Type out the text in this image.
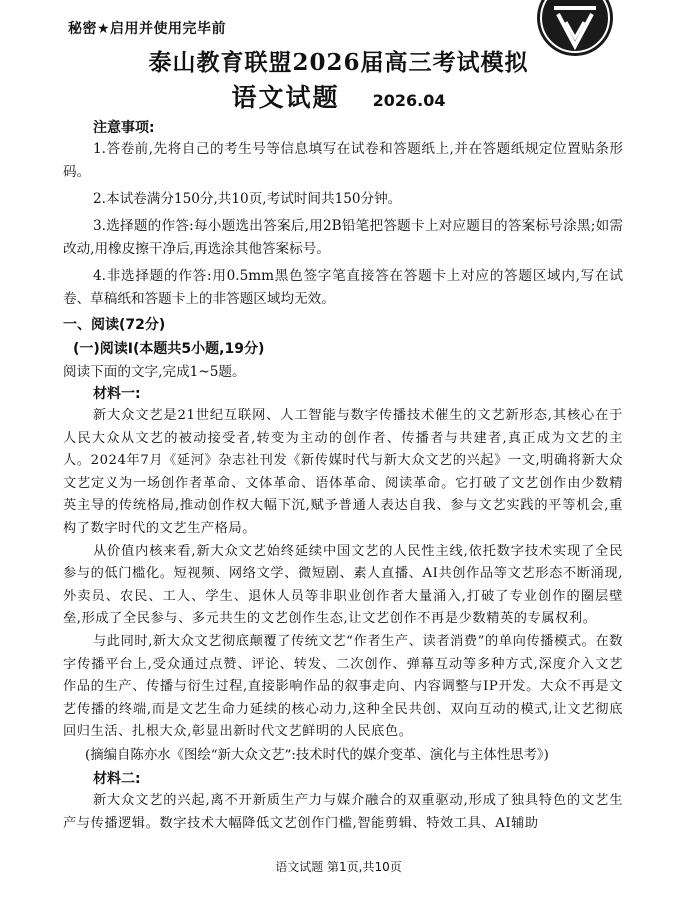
秘密★启用并使用完毕前
泰山教育联盟2026届高三考试模拟
语文试题 2026.04
注意事项:

1.答卷前,先将自己的考生号等信息填写在试卷和答题纸上,并在答题纸规定位置贴条形码。

2.本试卷满分150分,共10页,考试时间共150分钟。

3.选择题的作答:每小题选出答案后,用2B铅笔把答题卡上对应题目的答案标号涂黑;如需改动,用橡皮擦干净后,再选涂其他答案标号。

4.非选择题的作答:用0.5mm黑色签字笔直接答在答题卡上对应的答题区域内,写在试卷、草稿纸和答题卡上的非答题区域均无效。

一、阅读(72分)

(一)阅读Ⅰ(本题共5小题,19分)

阅读下面的文字,完成1~5题。

材料一:

新大众文艺是21世纪互联网、人工智能与数字传播技术催生的文艺新形态,其核心在于人民大众从文艺的被动接受者,转变为主动的创作者、传播者与共建者,真正成为文艺的主人。2024年7月《延河》杂志社刊发《新传媒时代与新大众文艺的兴起》一文,明确将新大众文艺定义为一场创作者革命、文体革命、语体革命、阅读革命。它打破了文艺创作由少数精英主导的传统格局,推动创作权大幅下沉,赋予普通人表达自我、参与文艺实践的平等机会,重构了数字时代的文艺生产格局。

从价值内核来看,新大众文艺始终延续中国文艺的人民性主线,依托数字技术实现了全民参与的低门槛化。短视频、网络文学、微短剧、素人直播、AI共创作品等文艺形态不断涌现,外卖员、农民、工人、学生、退休人员等非职业创作者大量涌入,打破了专业创作的圈层壁垒,形成了全民参与、多元共生的文艺创作生态,让文艺创作不再是少数精英的专属权利。

与此同时,新大众文艺彻底颠覆了传统文艺“作者生产、读者消费”的单向传播模式。在数字传播平台上,受众通过点赞、评论、转发、二次创作、弹幕互动等多种方式,深度介入文艺作品的生产、传播与衍生过程,直接影响作品的叙事走向、内容调整与IP开发。大众不再是文艺传播的终端,而是文艺生命力延续的核心动力,这种全民共创、双向互动的模式,让文艺彻底回归生活、扎根大众,彰显出新时代文艺鲜明的人民底色。

(摘编自陈亦水《图绘“新大众文艺”:技术时代的媒介变革、演化与主体性思考》)

材料二:

新大众文艺的兴起,离不开新质生产力与媒介融合的双重驱动,形成了独具特色的文艺生产与传播逻辑。数字技术大幅降低文艺创作门槛,智能剪辑、特效工具、AI辅助

语文试题 第1页,共10页
